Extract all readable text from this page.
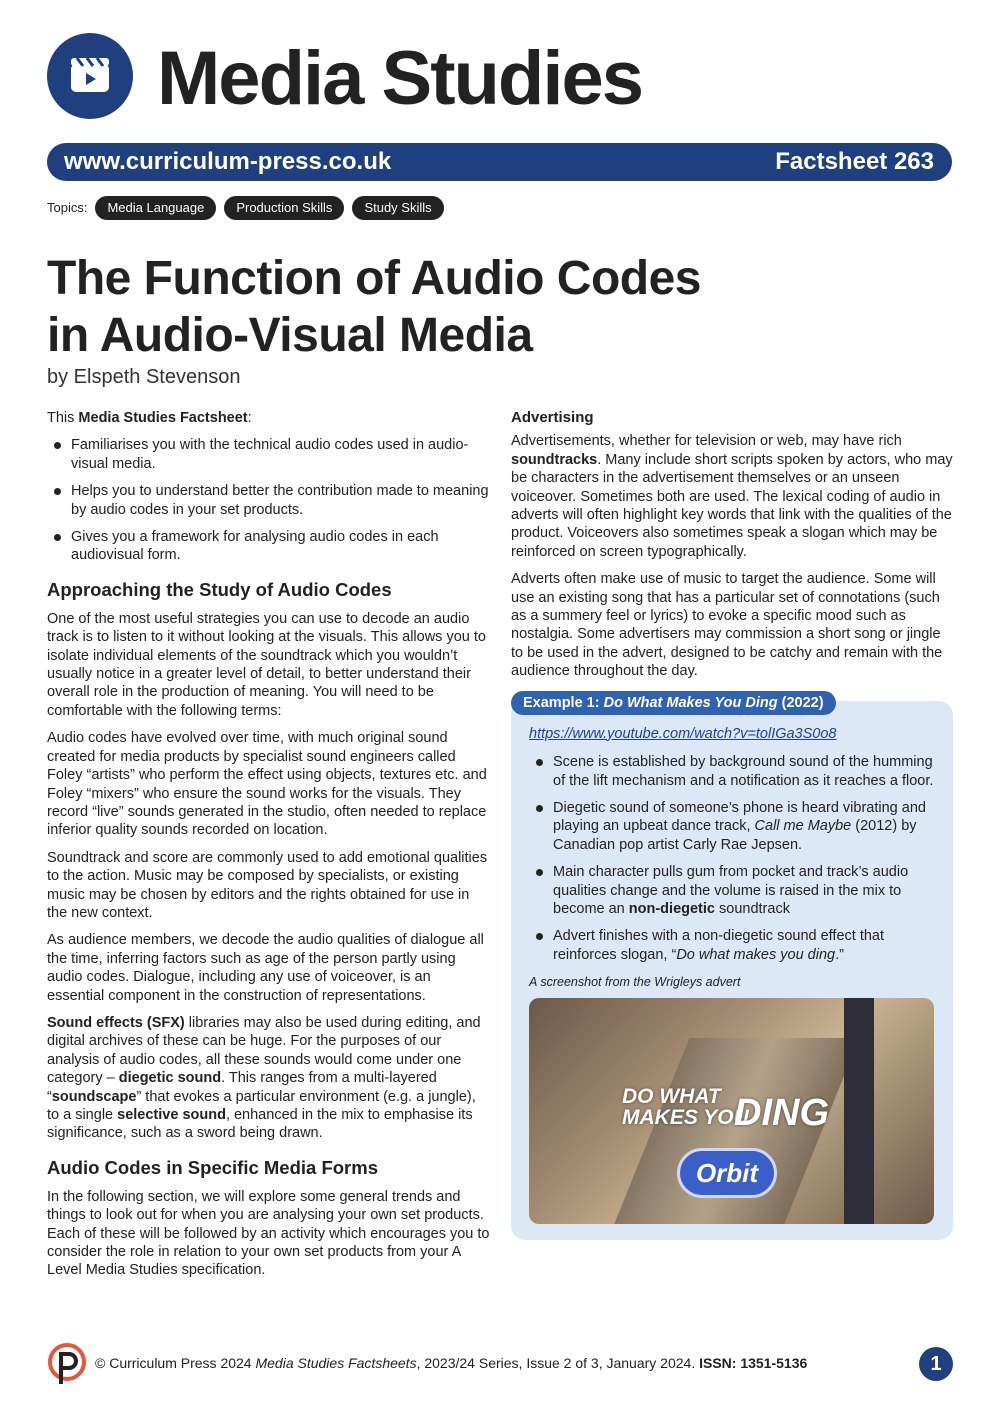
Media Studies
www.curriculum-press.co.uk	Factsheet 263
Topics:	Media Language	Production Skills	Study Skills
The Function of Audio Codes
in Audio-Visual Media
by Elspeth Stevenson

This Media Studies Factsheet:

Familiarises you with the technical audio codes used in audio-visual media.
Helps you to understand better the contribution made to meaning by audio codes in your set products.
Gives you a framework for analysing audio codes in each audiovisual form.
Approaching the Study of Audio Codes

One of the most useful strategies you can use to decode an audio track is to listen to it without looking at the visuals. This allows you to isolate individual elements of the soundtrack which you wouldn’t usually notice in a greater level of detail, to better understand their overall role in the production of meaning. You will need to be comfortable with the following terms:

Audio codes have evolved over time, with much original sound created for media products by specialist sound engineers called Foley “artists” who perform the effect using objects, textures etc. and Foley “mixers” who ensure the sound works for the visuals. They record “live” sounds generated in the studio, often needed to replace inferior quality sounds recorded on location.

Soundtrack and score are commonly used to add emotional qualities to the action. Music may be composed by specialists, or existing music may be chosen by editors and the rights obtained for use in the new context.

As audience members, we decode the audio qualities of dialogue all the time, inferring factors such as age of the person partly using audio codes. Dialogue, including any use of voiceover, is an essential component in the construction of representations.

Sound effects (SFX) libraries may also be used during editing, and digital archives of these can be huge. For the purposes of our analysis of audio codes, all these sounds would come under one category – diegetic sound. This ranges from a multi-layered “soundscape” that evokes a particular environment (e.g. a jungle), to a single selective sound, enhanced in the mix to emphasise its significance, such as a sword being drawn.

Audio Codes in Specific Media Forms

In the following section, we will explore some general trends and things to look out for when you are analysing your own set products. Each of these will be followed by an activity which encourages you to consider the role in relation to your own set products from your A Level Media Studies specification.

Advertising

Advertisements, whether for television or web, may have rich soundtracks. Many include short scripts spoken by actors, who may be characters in the advertisement themselves or an unseen voiceover. Sometimes both are used. The lexical coding of audio in adverts will often highlight key words that link with the qualities of the product. Voiceovers also sometimes speak a slogan which may be reinforced on screen typographically.

Adverts often make use of music to target the audience. Some will use an existing song that has a particular set of connotations (such as a summery feel or lyrics) to evoke a specific mood such as nostalgia. Some advertisers may commission a short song or jingle to be used in the advert, designed to be catchy and remain with the audience throughout the day.

Example 1: Do What Makes You Ding (2022)
https://www.youtube.com/watch?v=tolIGa3S0o8
Scene is established by background sound of the humming of the lift mechanism and a notification as it reaches a floor.
Diegetic sound of someone’s phone is heard vibrating and playing an upbeat dance track, Call me Maybe (2012) by Canadian pop artist Carly Rae Jepsen.
Main character pulls gum from pocket and track’s audio qualities change and the volume is raised in the mix to become an non-diegetic soundtrack
Advert finishes with a non-diegetic sound effect that reinforces slogan, “Do what makes you ding.”
A screenshot from the Wrigleys advert
DO WHAT
MAKES YOU
DING
Orbit
© Curriculum Press 2024 Media Studies Factsheets, 2023/24 Series, Issue 2 of 3, January 2024. ISSN: 1351-5136	1
